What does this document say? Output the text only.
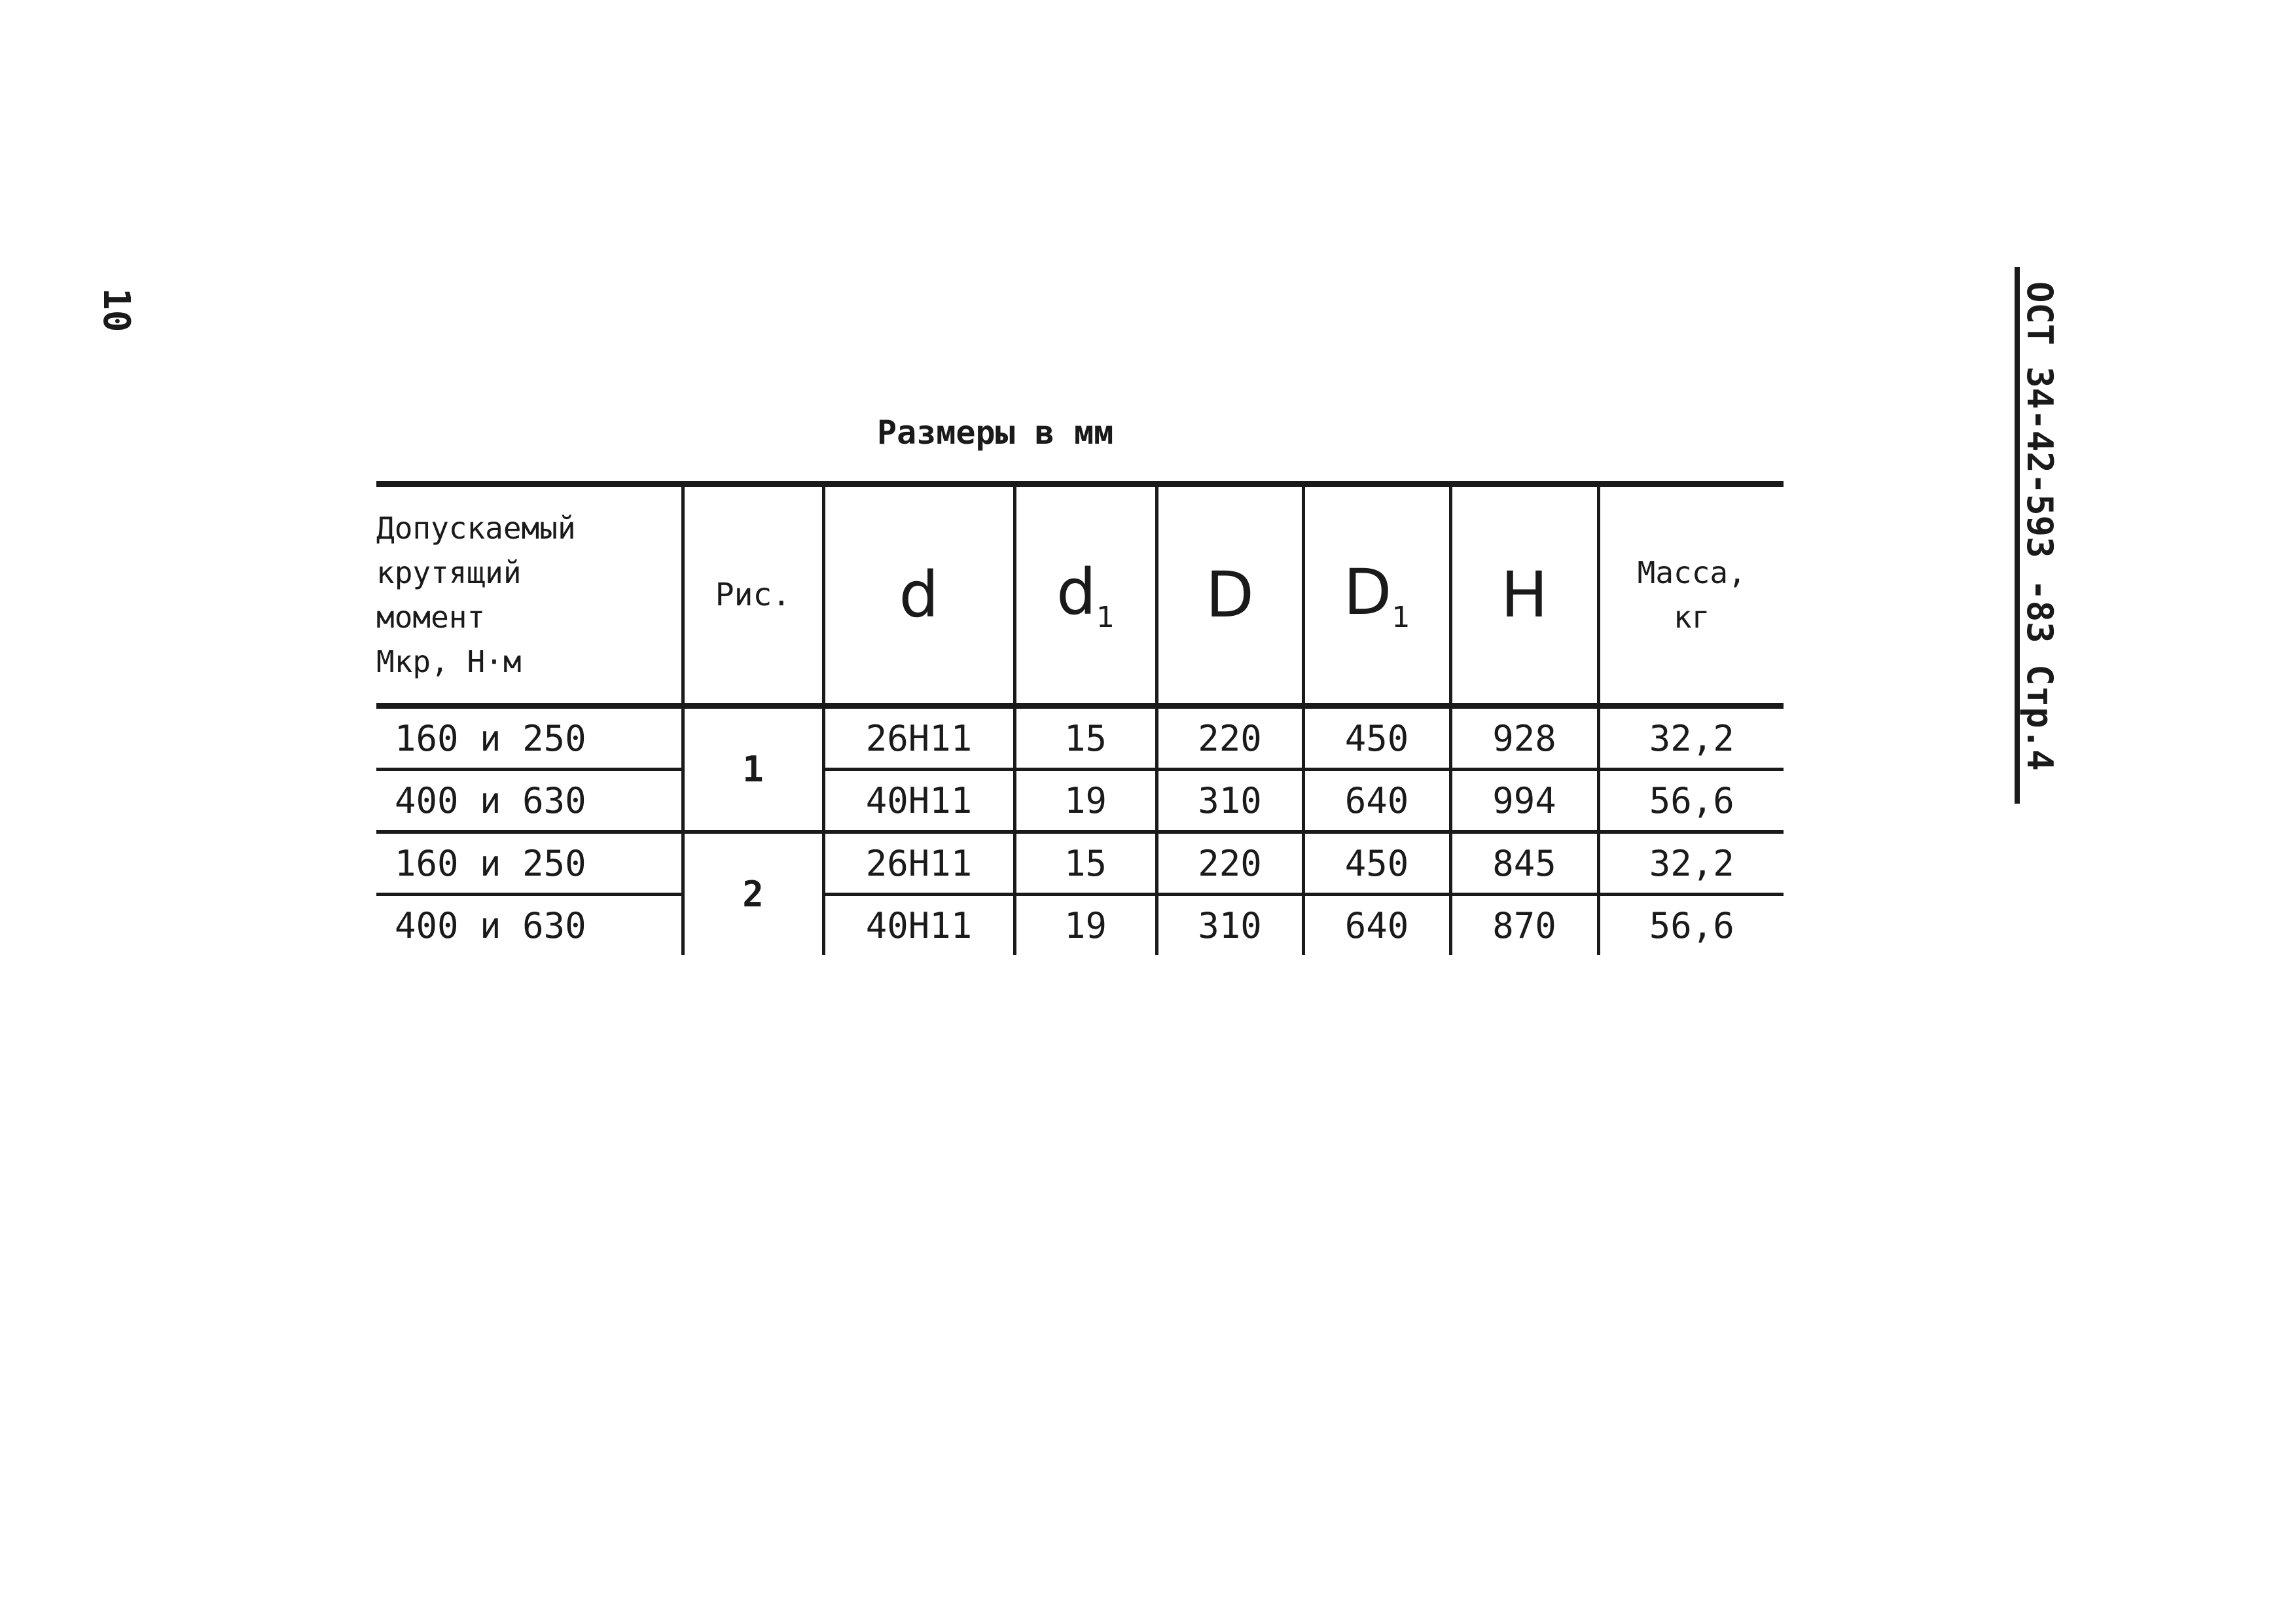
10	ОСТ 34-42-593 -83 Стр.4
Размеры в мм
Допускаемый
крутящий
момент
Мкр, Н·м	Рис.	d	$d_1$	D	$D_1$	H	Масса,
кг

160 и 250	1	26H11	15	220	450	928	32,2
400 и 630		40H11	19	310	640	994	56,6
160 и 250	2	26H11	15	220	450	845	32,2
400 и 630		40H11	19	310	640	870	56,6
